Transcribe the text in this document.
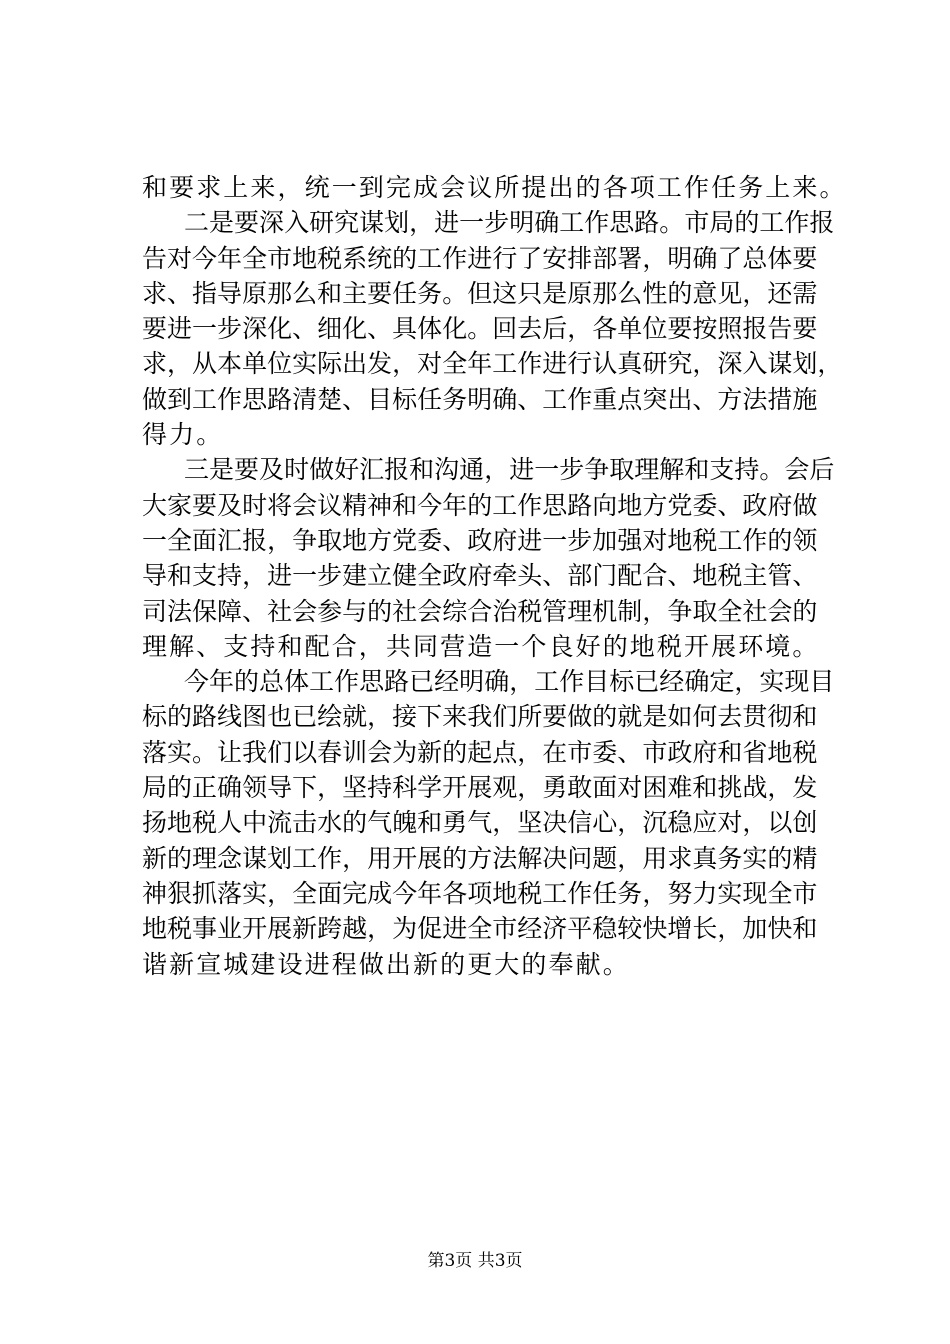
和要求上来，统一到完成会议所提出的各项工作任务上来。
二 是 要 深 入 研 究 谋 划 ， 进 一 步 明 确 工 作 思 路 。 市 局 的 工 作 报
告 对 今 年 全 市 地 税 系 统 的 工 作 进 行 了 安 排 部 署 ， 明 确 了 总 体 要
求 、 指 导 原 那 么 和 主 要 任 务 。 但 这 只 是 原 那 么 性 的 意 见 ， 还 需
要 进 一 步 深 化 、 细 化 、 具 体 化 。 回 去 后 ， 各 单 位 要 按 照 报 告 要
求 ， 从 本 单 位 实 际 出 发 ， 对 全 年 工 作 进 行 认 真 研 究 ， 深 入 谋 划 ，
做 到 工 作 思 路 清 楚 、 目 标 任 务 明 确 、 工 作 重 点 突 出 、 方 法 措 施
得力。
三 是 要 及 时 做 好 汇 报 和 沟 通 ， 进 一 步 争 取 理 解 和 支 持 。 会 后
大 家 要 及 时 将 会 议 精 神 和 今 年 的 工 作 思 路 向 地 方 党 委 、 政 府 做
一 全 面 汇 报 ， 争 取 地 方 党 委 、 政 府 进 一 步 加 强 对 地 税 工 作 的 领
导 和 支 持 ， 进 一 步 建 立 健 全 政 府 牵 头 、 部 门 配 合 、 地 税 主 管 、
司 法 保 障 、 社 会 参 与 的 社 会 综 合 治 税 管 理 机 制 ， 争 取 全 社 会 的
理解、支持和配合，共同营造一个良好的地税开展环境。
今 年 的 总 体 工 作 思 路 已 经 明 确 ， 工 作 目 标 已 经 确 定 ， 实 现 目
标 的 路 线 图 也 已 绘 就 ， 接 下 来 我 们 所 要 做 的 就 是 如 何 去 贯 彻 和
落 实 。 让 我 们 以 春 训 会 为 新 的 起 点 ， 在 市 委 、 市 政 府 和 省 地 税
局 的 正 确 领 导 下 ， 坚 持 科 学 开 展 观 ， 勇 敢 面 对 困 难 和 挑 战 ， 发
扬 地 税 人 中 流 击 水 的 气 魄 和 勇 气 ， 坚 决 信 心 ， 沉 稳 应 对 ， 以 创
新 的 理 念 谋 划 工 作 ， 用 开 展 的 方 法 解 决 问 题 ， 用 求 真 务 实 的 精
神 狠 抓 落 实 ， 全 面 完 成 今 年 各 项 地 税 工 作 任 务 ， 努 力 实 现 全 市
地 税 事 业 开 展 新 跨 越 ， 为 促 进 全 市 经 济 平 稳 较 快 增 长 ， 加 快 和
谐新宣城建设进程做出新的更大的奉献。
第3页 共3页
